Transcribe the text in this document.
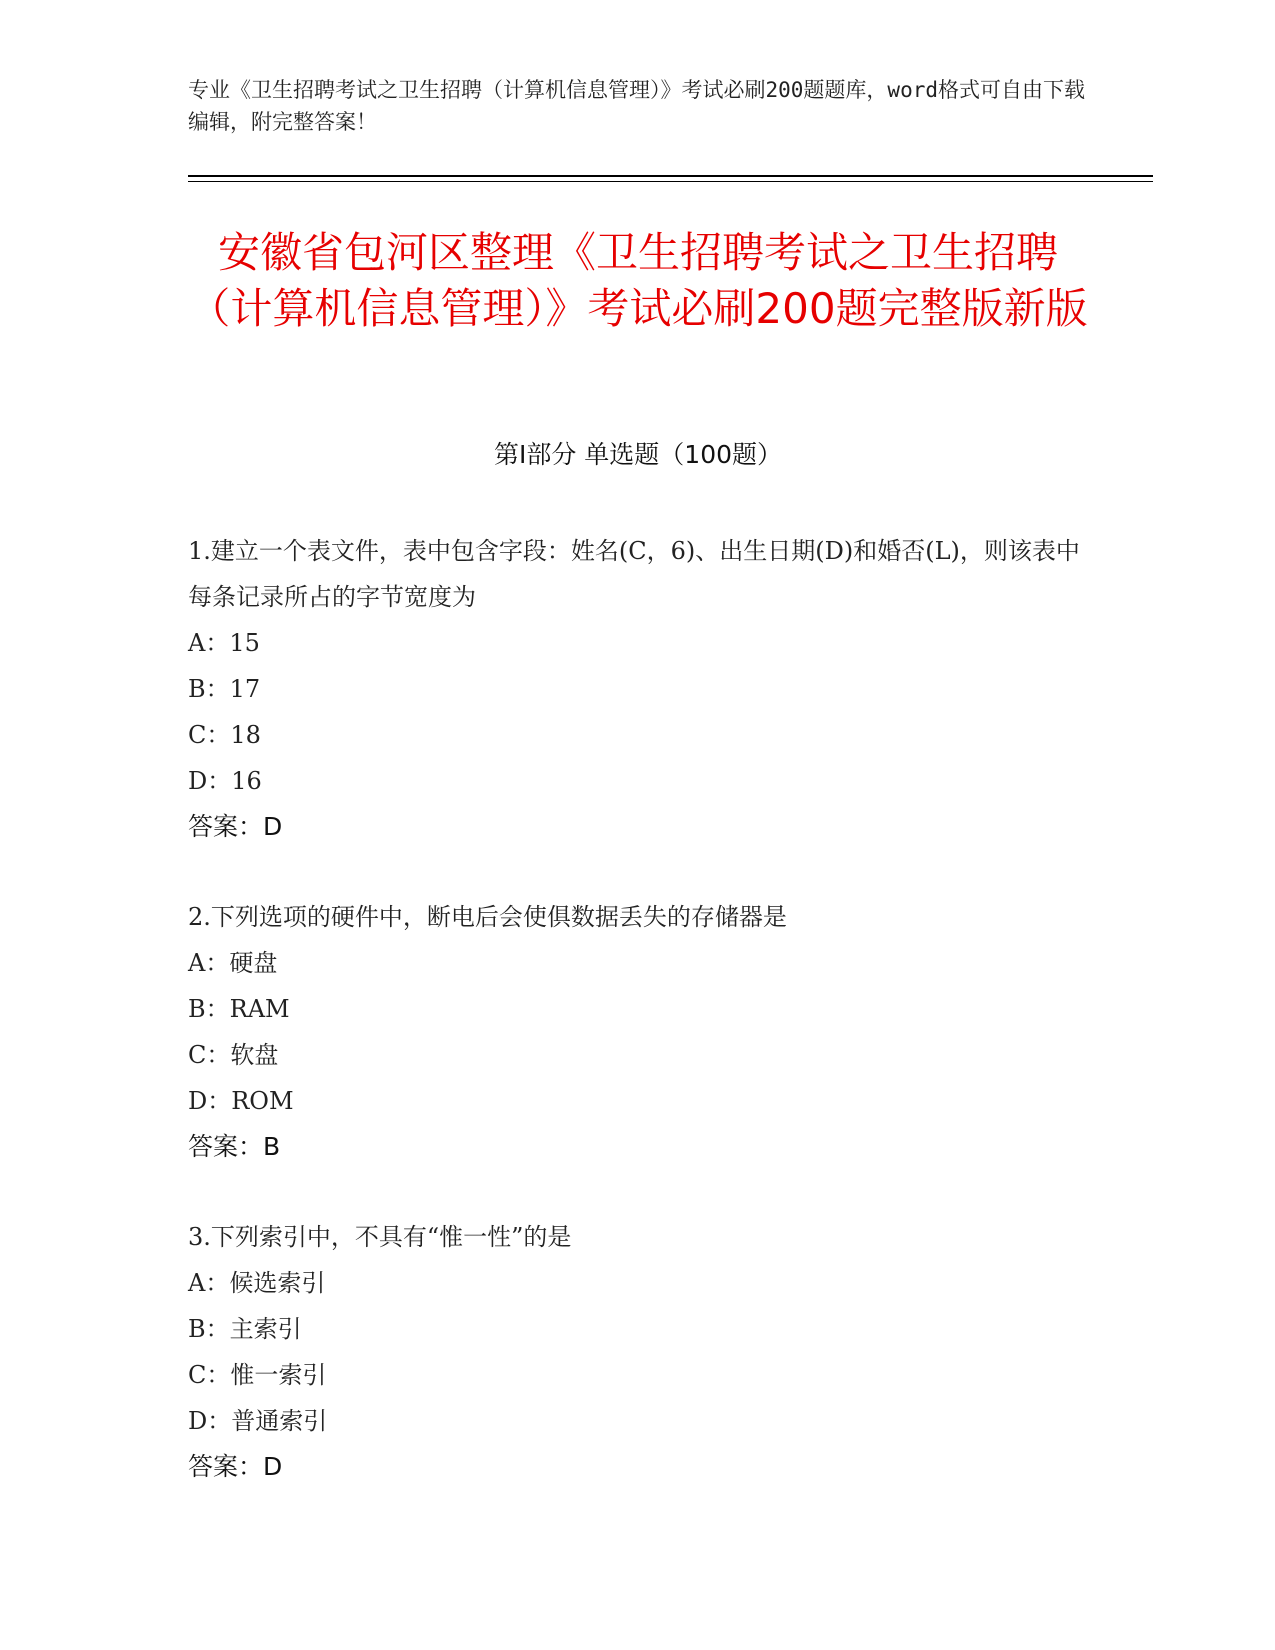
专业《卫生招聘考试之卫生招聘（计算机信息管理）》考试必刷200题题库，word格式可自由下载编辑，附完整答案！
安徽省包河区整理《卫生招聘考试之卫生招聘（计算机信息管理）》考试必刷200题完整版新版
第Ⅰ部分 单选题（100题）

1.建立一个表文件，表中包含字段：姓名(C，6)、出生日期(D)和婚否(L)，则该表中每条记录所占的字节宽度为

A：15

B：17

C：18

D：16

答案：D

2.下列选项的硬件中，断电后会使俱数据丢失的存储器是

A：硬盘

B：RAM

C：软盘

D：ROM

答案：B

3.下列索引中，不具有“惟一性”的是

A：候选索引

B：主索引

C：惟一索引

D：普通索引

答案：D
